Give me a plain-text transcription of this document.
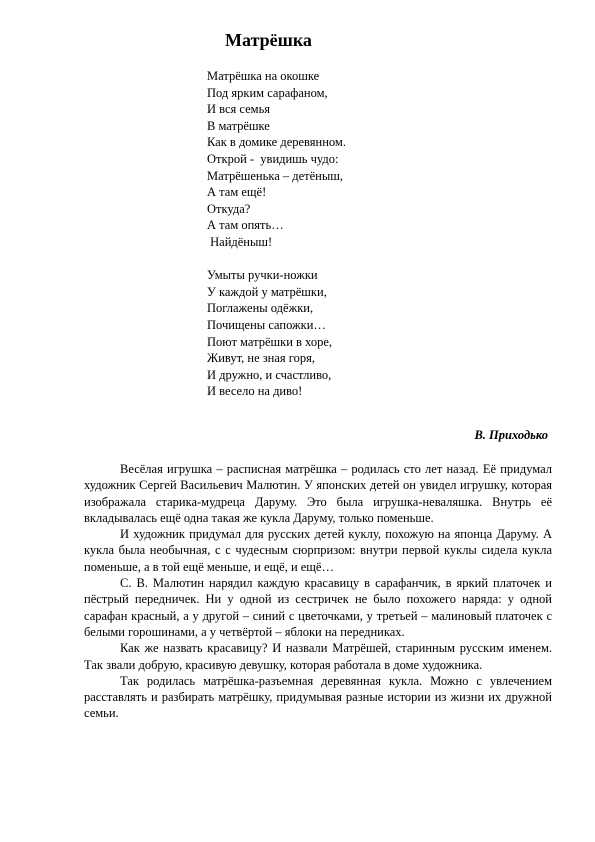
Матрёшка
Матрёшка на окошке
Под ярким сарафаном,
И вся семья
В матрёшке
Как в домике деревянном.
Открой -  увидишь чудо:
Матрёшенька – детёныш,
А там ещё!
Откуда?
А там опять…
Найдёныш!
Умыты ручки-ножки
У каждой у матрёшки,
Поглажены одёжки,
Почищены сапожки…
Поют матрёшки в хоре,
Живут, не зная горя,
И дружно, и счастливо,
И весело на диво!
В. Приходько

Весёлая игрушка – расписная матрёшка – родилась сто лет назад. Её придумал художник Сергей Васильевич Малютин. У японских детей он увидел игрушку, которая изображала старика-мудреца Даруму. Это была игрушка-неваляшка. Внутрь её вкладывалась ещё одна такая же кукла Даруму, только поменьше.

И художник придумал для русских детей куклу, похожую на японца Даруму. А кукла была необычная, с с чудесным сюрпризом: внутри первой куклы сидела кукла поменьше, а в той ещё меньше, и ещё, и ещё…

С. В. Малютин нарядил каждую красавицу в сарафанчик, в яркий платочек и пёстрый передничек. Ни у одной из сестричек не было похожего наряда: у одной сарафан красный, а у другой – синий с цветочками, у третьей – малиновый платочек с белыми горошинами, а у четвёртой – яблоки на передниках.

Как же назвать красавицу? И назвали Матрёшей, старинным русским именем. Так звали добрую, красивую девушку, которая работала в доме художника.

Так родилась матрёшка-разъемная деревянная кукла. Можно с увлечением расставлять и разбирать матрёшку, придумывая разные истории из жизни их дружной семьи.
